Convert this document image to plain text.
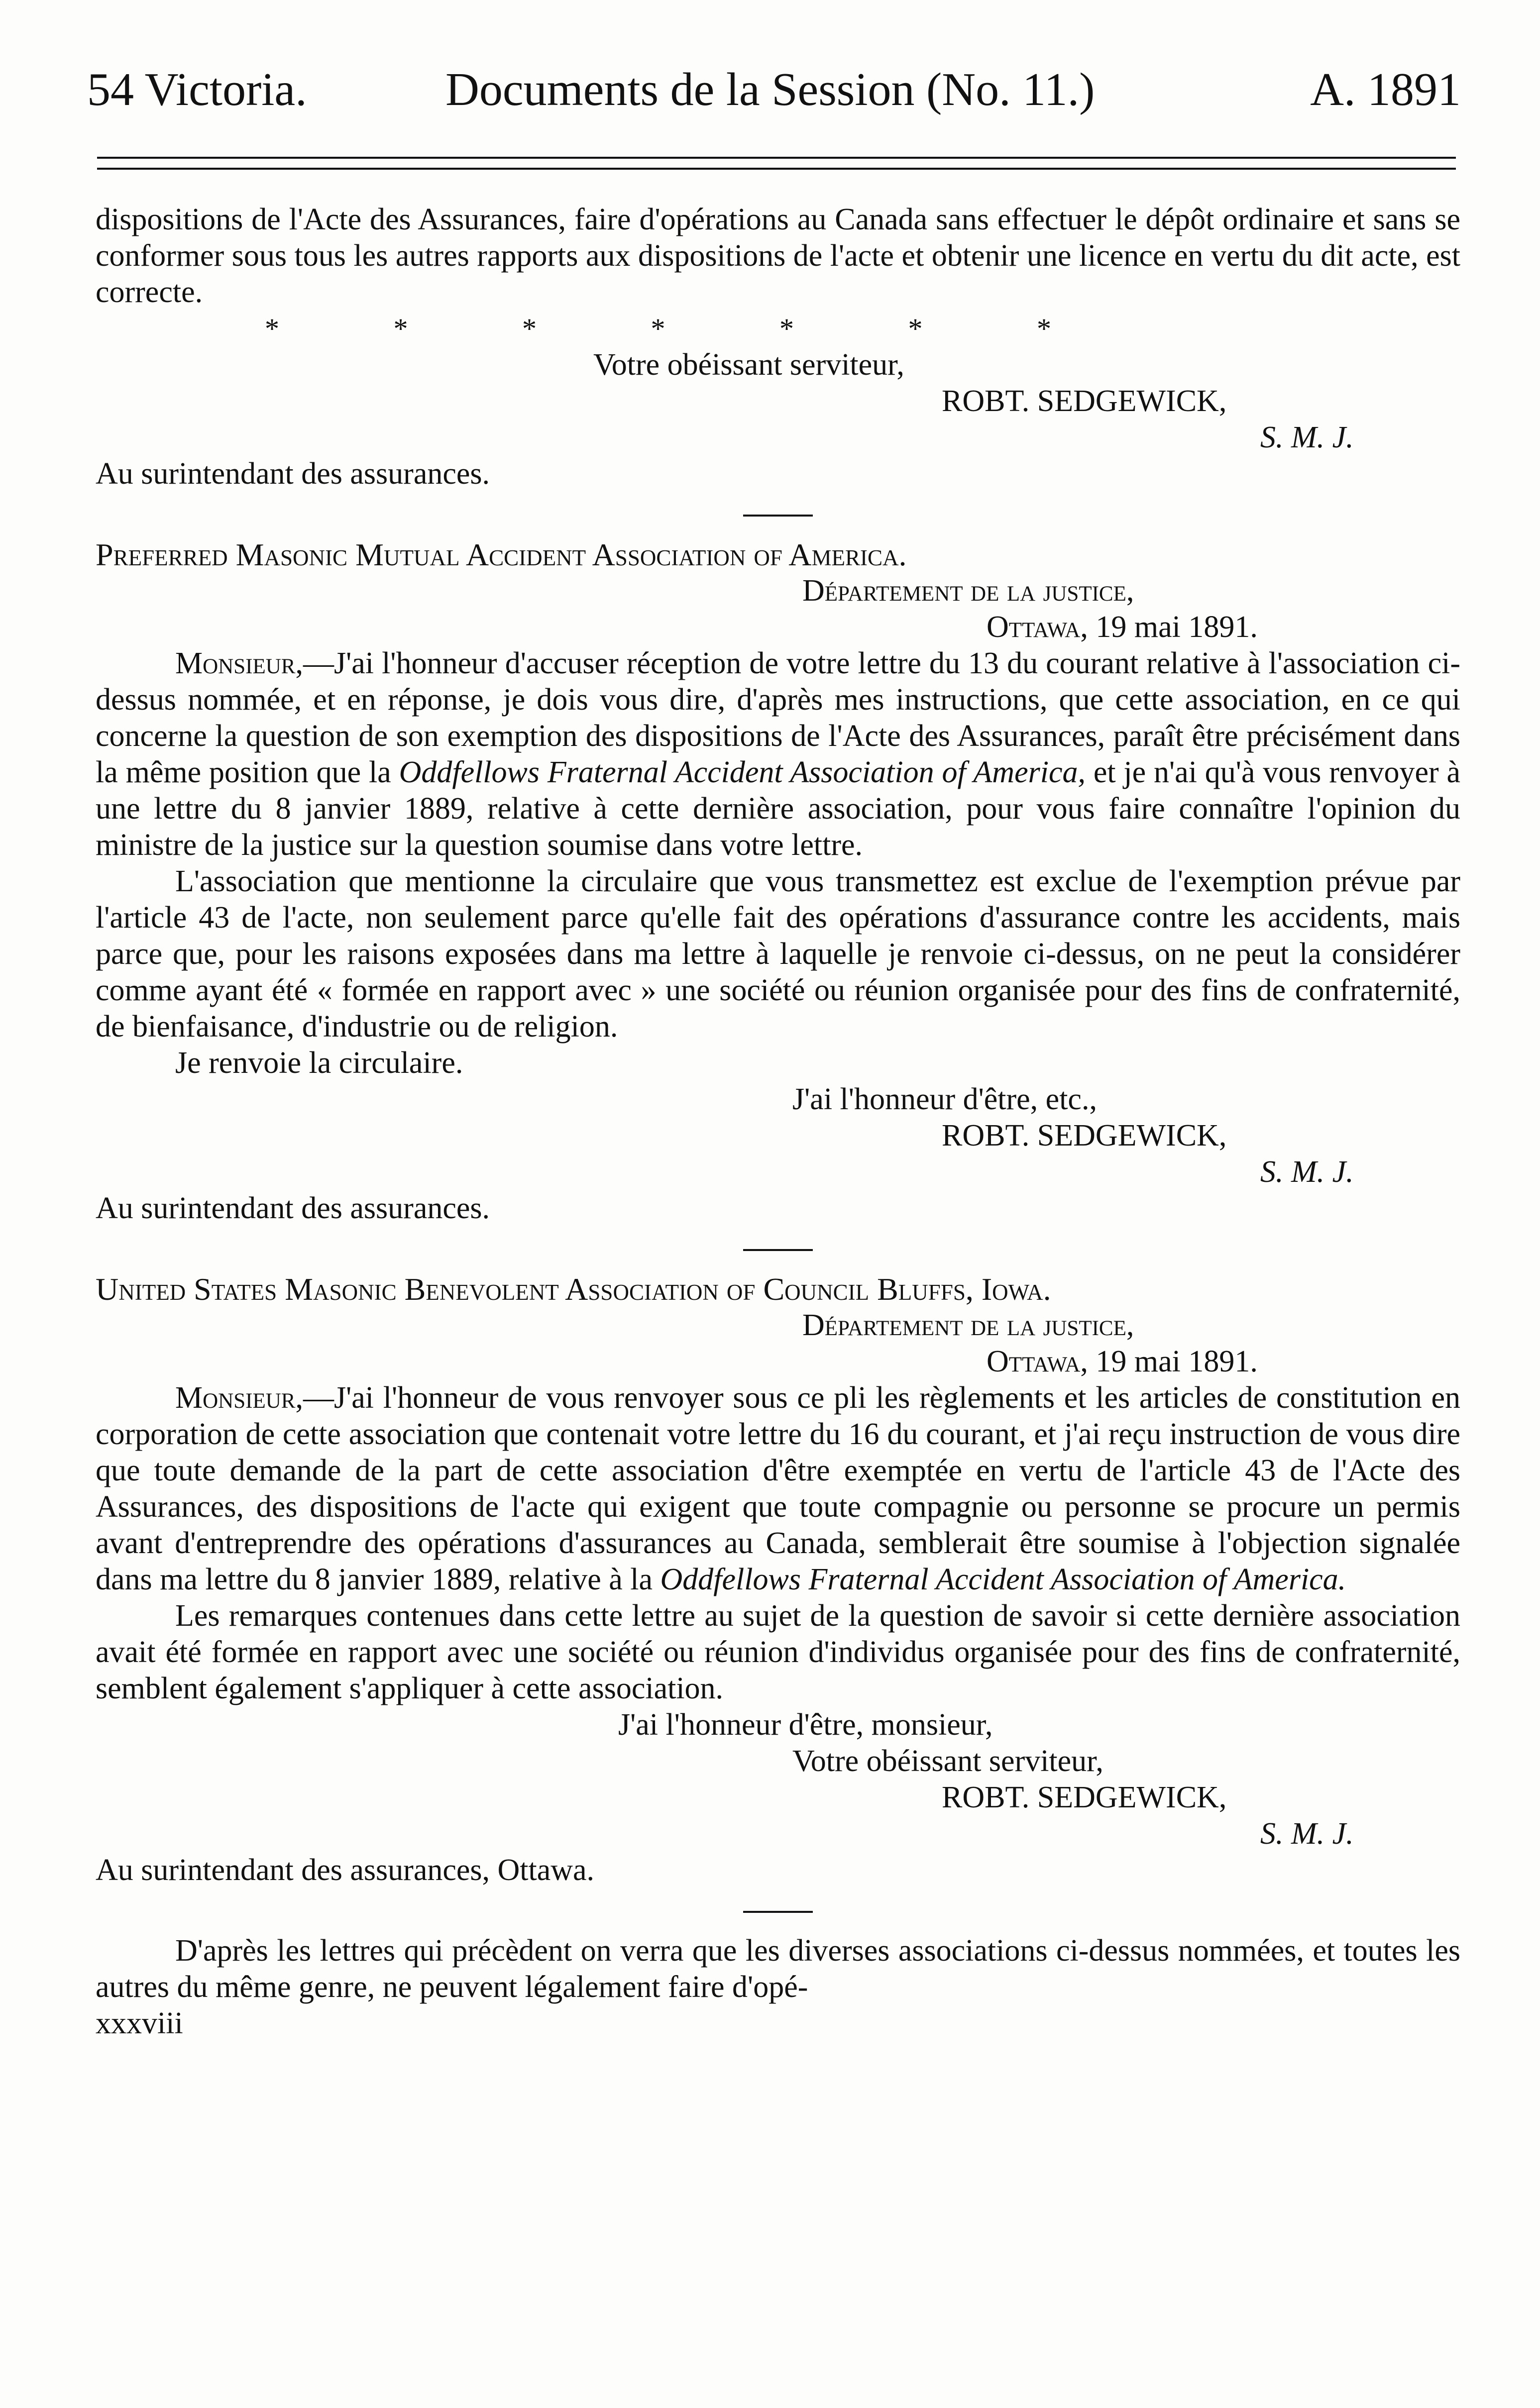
54 Victoria.	Documents de la Session (No. 11.)	A. 1891

dispositions de l'Acte des Assurances, faire d'opérations au Canada sans effectuer le dépôt ordinaire et sans se conformer sous tous les autres rapports aux dispositions de l'acte et obtenir une licence en vertu du dit acte, est correcte.

* * * * * * *

Votre obéissant serviteur,

ROBT. SEDGEWICK,

S. M. J.

Au surintendant des assurances.

Preferred Masonic Mutual Accident Association of America.

Département de la justice,

Ottawa, 19 mai 1891.

Monsieur,—J'ai l'honneur d'accuser réception de votre lettre du 13 du courant relative à l'association ci-dessus nommée, et en réponse, je dois vous dire, d'après mes instructions, que cette association, en ce qui concerne la question de son exemption des dispositions de l'Acte des Assurances, paraît être précisément dans la même position que la Oddfellows Fraternal Accident Association of America, et je n'ai qu'à vous renvoyer à une lettre du 8 janvier 1889, relative à cette dernière association, pour vous faire connaître l'opinion du ministre de la justice sur la question soumise dans votre lettre.

L'association que mentionne la circulaire que vous transmettez est exclue de l'exemption prévue par l'article 43 de l'acte, non seulement parce qu'elle fait des opérations d'assurance contre les accidents, mais parce que, pour les raisons exposées dans ma lettre à laquelle je renvoie ci-dessus, on ne peut la considérer comme ayant été « formée en rapport avec » une société ou réunion organisée pour des fins de confraternité, de bienfaisance, d'industrie ou de religion.

Je renvoie la circulaire.

J'ai l'honneur d'être, etc.,

ROBT. SEDGEWICK,

S. M. J.

Au surintendant des assurances.

United States Masonic Benevolent Association of Council Bluffs, Iowa.

Département de la justice,

Ottawa, 19 mai 1891.

Monsieur,—J'ai l'honneur de vous renvoyer sous ce pli les règlements et les articles de constitution en corporation de cette association que contenait votre lettre du 16 du courant, et j'ai reçu instruction de vous dire que toute demande de la part de cette association d'être exemptée en vertu de l'article 43 de l'Acte des Assurances, des dispositions de l'acte qui exigent que toute compagnie ou personne se procure un permis avant d'entreprendre des opérations d'assurances au Canada, semblerait être soumise à l'objection signalée dans ma lettre du 8 janvier 1889, relative à la Oddfellows Fraternal Accident Association of America.

Les remarques contenues dans cette lettre au sujet de la question de savoir si cette dernière association avait été formée en rapport avec une société ou réunion d'individus organisée pour des fins de confraternité, semblent également s'appliquer à cette association.

J'ai l'honneur d'être, monsieur,

Votre obéissant serviteur,

ROBT. SEDGEWICK,

S. M. J.

Au surintendant des assurances, Ottawa.

D'après les lettres qui précèdent on verra que les diverses associations ci-dessus nommées, et toutes les autres du même genre, ne peuvent légalement faire d'opé-

xxxviii
